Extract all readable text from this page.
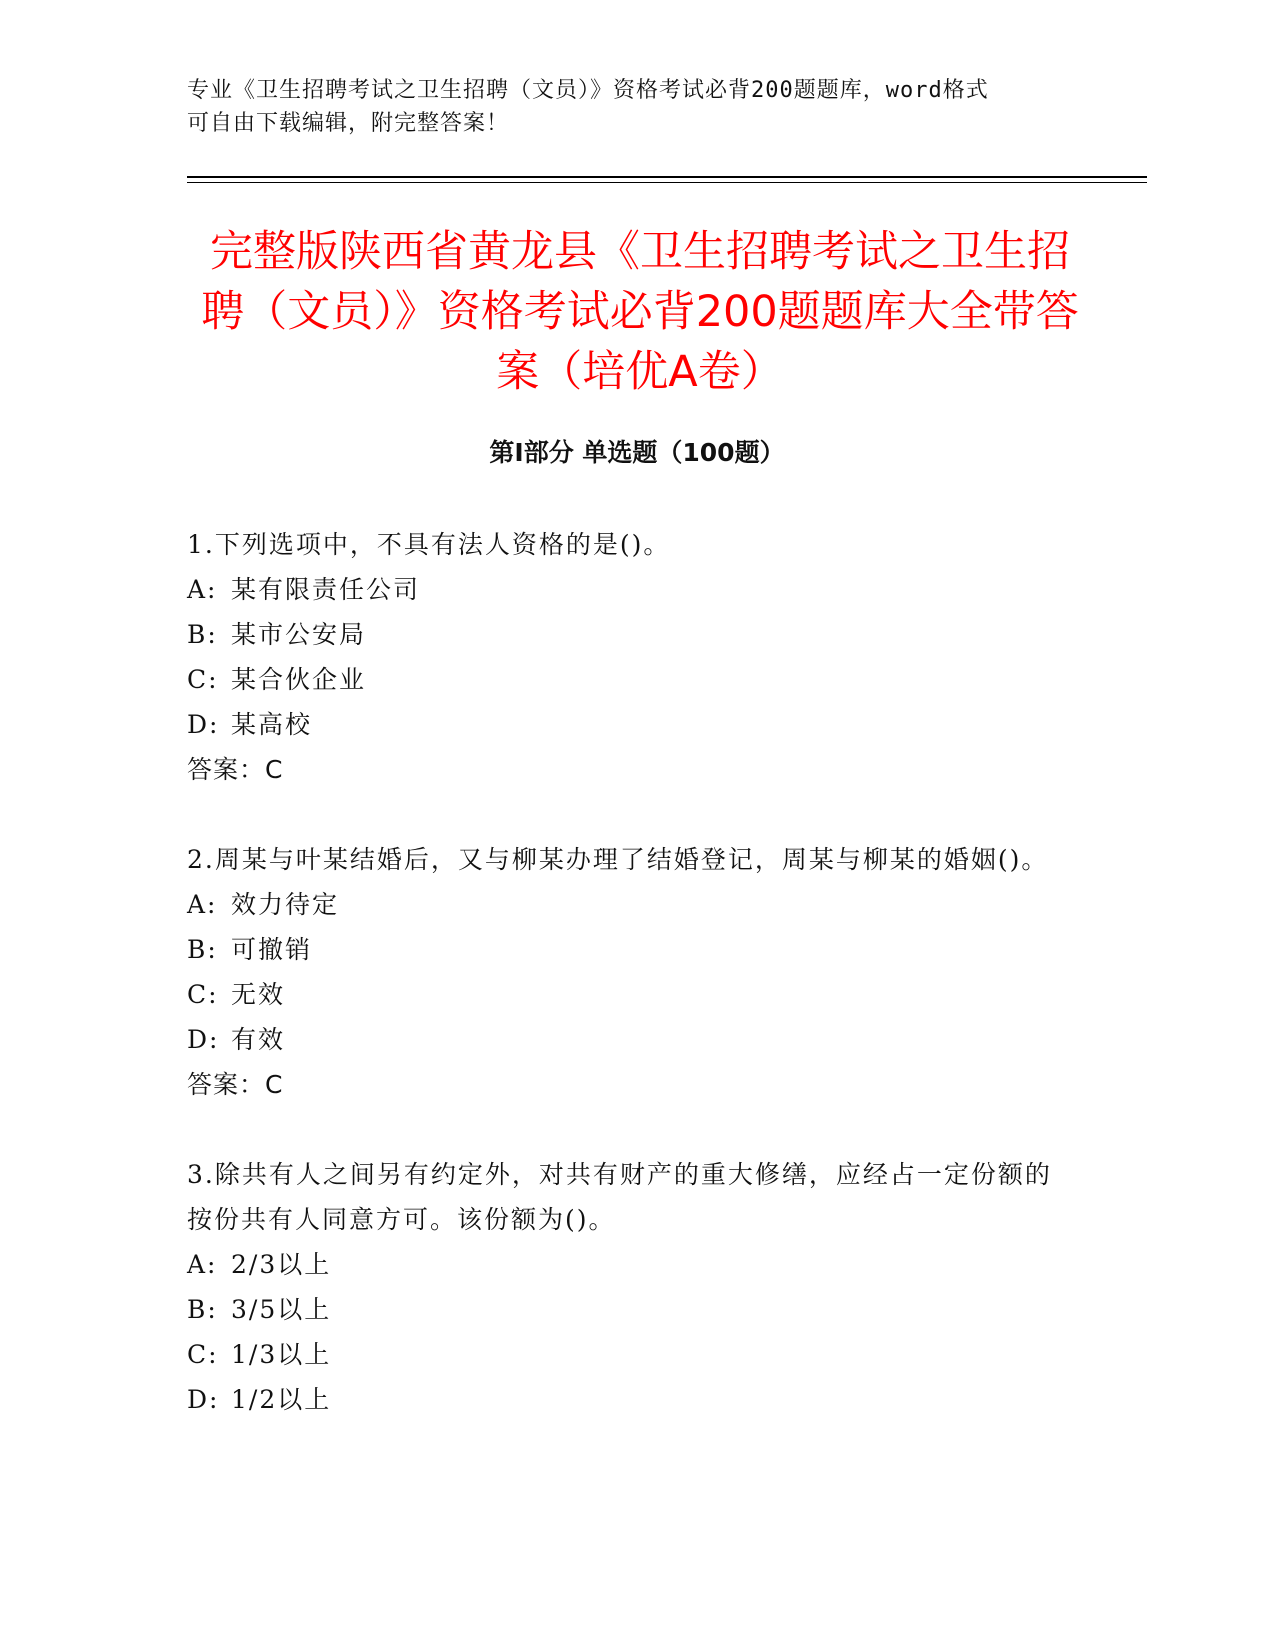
专业《卫生招聘考试之卫生招聘（文员）》资格考试必背200题题库，word格式
可自由下载编辑，附完整答案！
完整版陕西省黄龙县《卫生招聘考试之卫生招聘（文员）》资格考试必背200题题库大全带答案（培优A卷）
第I部分 单选题（100题）

1.下列选项中，不具有法人资格的是()。

A: 某有限责任公司
B: 某市公安局
C: 某合伙企业
D: 某高校

答案：C

2.周某与叶某结婚后，又与柳某办理了结婚登记，周某与柳某的婚姻()。

A: 效力待定
B: 可撤销
C: 无效
D: 有效

答案：C

3.除共有人之间另有约定外，对共有财产的重大修缮，应经占一定份额的按份共有人同意方可。该份额为()。

A: 2/3以上
B: 3/5以上
C: 1/3以上
D: 1/2以上
